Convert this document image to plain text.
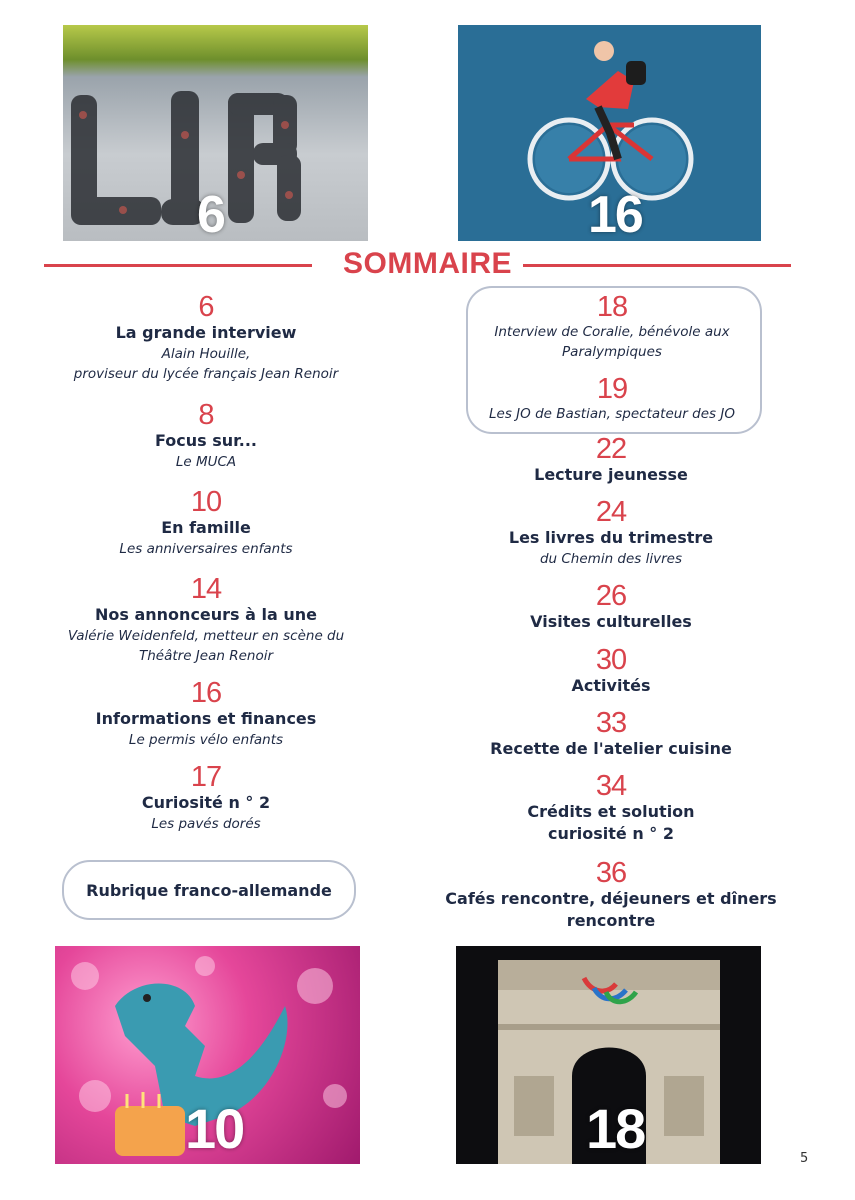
6	16
SOMMAIRE
6
La grande interview
Alain Houille,
proviseur du lycée français Jean Renoir
8
Focus sur...
Le MUCA
10
En famille
Les anniversaires enfants
14
Nos annonceurs à la une
Valérie Weidenfeld, metteur en scène du
Théâtre Jean Renoir
16
Informations et finances
Le permis vélo enfants
17
Curiosité n ° 2
Les pavés dorés
Rubrique franco-allemande
18
Interview de Coralie, bénévole aux
Paralympiques
19
Les JO de Bastian, spectateur des JO
22
Lecture jeunesse
24
Les livres du trimestre
du Chemin des livres
26
Visites culturelles
30
Activités
33
Recette de l'atelier cuisine
34
Crédits et solution
curiosité n ° 2
36
Cafés rencontre, déjeuners et dîners
rencontre
10	18	5
